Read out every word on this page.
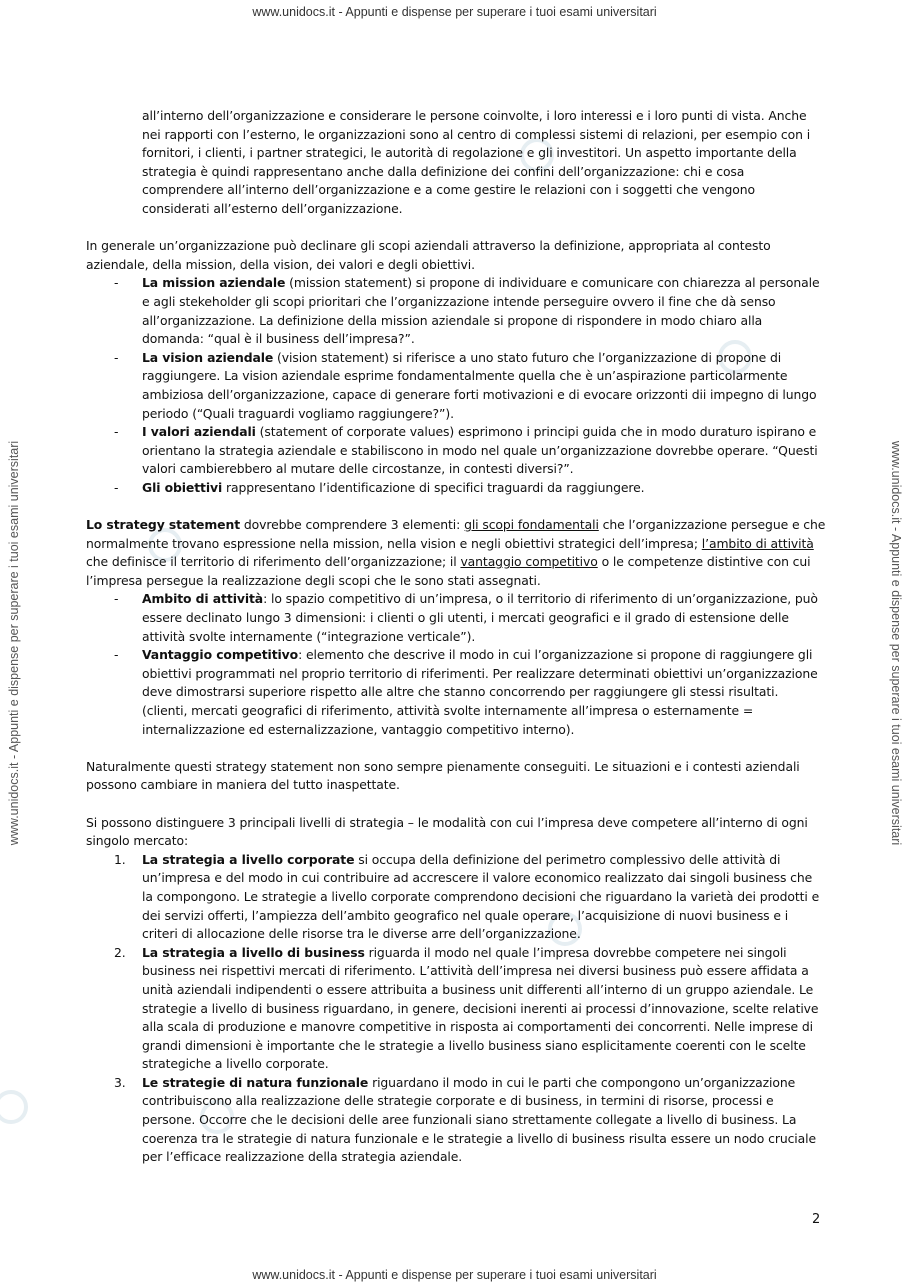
www.unidocs.it - Appunti e dispense per superare i tuoi esami universitari
www.unidocs.it - Appunti e dispense per superare i tuoi esami universitari
www.unidocs.it - Appunti e dispense per superare i tuoi esami universitari	www.unidocs.it - Appunti e dispense per superare i tuoi esami universitari

all’interno dell’organizzazione e considerare le persone coinvolte, i loro interessi e i loro punti di vista. Anche nei rapporti con l’esterno, le organizzazioni sono al centro di complessi sistemi di relazioni, per esempio con i fornitori, i clienti, i partner strategici, le autorità di regolazione e gli investitori. Un aspetto importante della strategia è quindi rappresentano anche dalla definizione dei confini dell’organizzazione: chi e cosa comprendere all’interno dell’organizzazione e a come gestire le relazioni con i soggetti che vengono considerati all’esterno dell’organizzazione.

In generale un’organizzazione può declinare gli scopi aziendali attraverso la definizione, appropriata al contesto aziendale, della mission, della vision, dei valori e degli obiettivi.

- La mission aziendale (mission statement) si propone di individuare e comunicare con chiarezza al personale e agli stekeholder gli scopi prioritari che l’organizzazione intende perseguire ovvero il fine che dà senso all’organizzazione. La definizione della mission aziendale si propone di rispondere in modo chiaro alla domanda: “qual è il business dell’impresa?”.
- La vision aziendale (vision statement) si riferisce a uno stato futuro che l’organizzazione di propone di raggiungere. La vision aziendale esprime fondamentalmente quella che è un’aspirazione particolarmente ambiziosa dell’organizzazione, capace di generare forti motivazioni e di evocare orizzonti dii impegno di lungo periodo (“Quali traguardi vogliamo raggiungere?”).
- I valori aziendali (statement of corporate values) esprimono i principi guida che in modo duraturo ispirano e orientano la strategia aziendale e stabiliscono in modo nel quale un’organizzazione dovrebbe operare. “Questi valori cambierebbero al mutare delle circostanze, in contesti diversi?”.
- Gli obiettivi rappresentano l’identificazione di specifici traguardi da raggiungere.

Lo strategy statement dovrebbe comprendere 3 elementi: gli scopi fondamentali che l’organizzazione persegue e che normalmente trovano espressione nella mission, nella vision e negli obiettivi strategici dell’impresa; l’ambito di attività che definisce il territorio di riferimento dell’organizzazione; il vantaggio competitivo o le competenze distintive con cui l’impresa persegue la realizzazione degli scopi che le sono stati assegnati.

- Ambito di attività: lo spazio competitivo di un’impresa, o il territorio di riferimento di un’organizzazione, può essere declinato lungo 3 dimensioni: i clienti o gli utenti, i mercati geografici e il grado di estensione delle attività svolte internamente (“integrazione verticale”).
- Vantaggio competitivo: elemento che descrive il modo in cui l’organizzazione si propone di raggiungere gli obiettivi programmati nel proprio territorio di riferimenti. Per realizzare determinati obiettivi un’organizzazione deve dimostrarsi superiore rispetto alle altre che stanno concorrendo per raggiungere gli stessi risultati. (clienti, mercati geografici di riferimento, attività svolte internamente all’impresa o esternamente = internalizzazione ed esternalizzazione, vantaggio competitivo interno).

Naturalmente questi strategy statement non sono sempre pienamente conseguiti. Le situazioni e i contesti aziendali possono cambiare in maniera del tutto inaspettate.

Si possono distinguere 3 principali livelli di strategia – le modalità con cui l’impresa deve competere all’interno di ogni singolo mercato:

1. La strategia a livello corporate si occupa della definizione del perimetro complessivo delle attività di un’impresa e del modo in cui contribuire ad accrescere il valore economico realizzato dai singoli business che la compongono. Le strategie a livello corporate comprendono decisioni che riguardano la varietà dei prodotti e dei servizi offerti, l’ampiezza dell’ambito geografico nel quale operare, l’acquisizione di nuovi business e i criteri di allocazione delle risorse tra le diverse arre dell’organizzazione.
2. La strategia a livello di business riguarda il modo nel quale l’impresa dovrebbe competere nei singoli business nei rispettivi mercati di riferimento. L’attività dell’impresa nei diversi business può essere affidata a unità aziendali indipendenti o essere attribuita a business unit differenti all’interno di un gruppo aziendale. Le strategie a livello di business riguardano, in genere, decisioni inerenti ai processi d’innovazione, scelte relative alla scala di produzione e manovre competitive in risposta ai comportamenti dei concorrenti. Nelle imprese di grandi dimensioni è importante che le strategie a livello business siano esplicitamente coerenti con le scelte strategiche a livello corporate.
3. Le strategie di natura funzionale riguardano il modo in cui le parti che compongono un’organizzazione contribuiscono alla realizzazione delle strategie corporate e di business, in termini di risorse, processi e persone. Occorre che le decisioni delle aree funzionali siano strettamente collegate a livello di business. La coerenza tra le strategie di natura funzionale e le strategie a livello di business risulta essere un nodo cruciale per l’efficace realizzazione della strategia aziendale.
2
